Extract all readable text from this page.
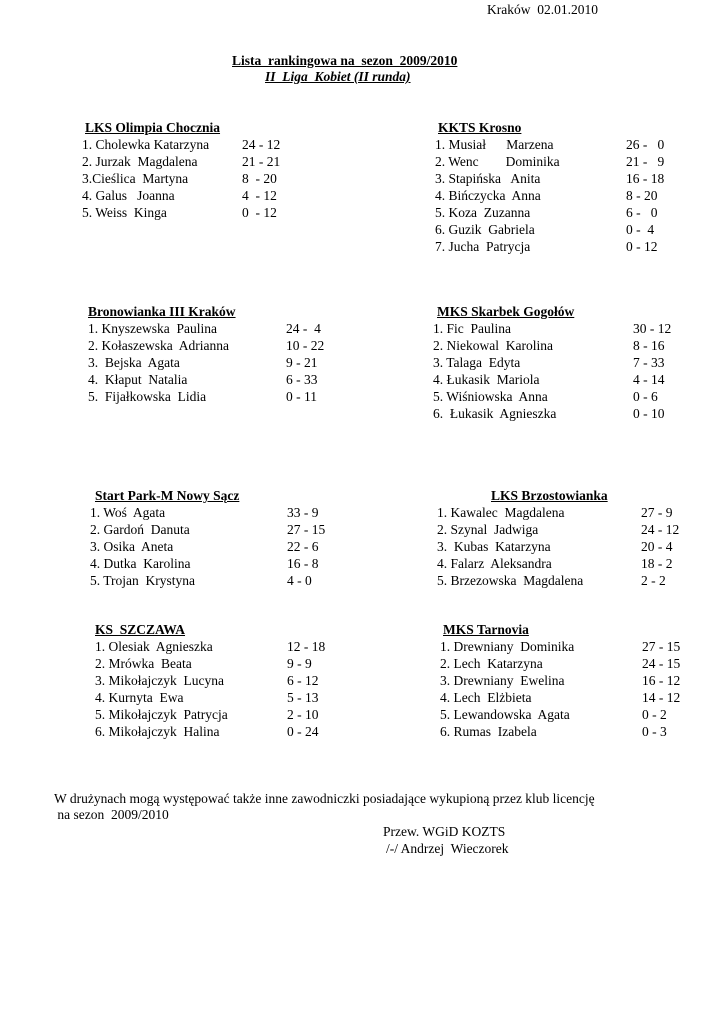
Kraków  02.01.2010
Lista  rankingowa na  sezon  2009/2010
II  Liga  Kobiet (II runda)
LKS Olimpia Chocznia
1. Cholewka Katarzyna 24 - 12
2. Jurzak  Magdalena	21 - 21
3.Cieślica  Martyna	8  - 20
4. Galus   Joanna	4  - 12
5. Weiss  Kinga	0  - 12
KKTS Krosno
1. Musiał      Marzena	26 -   0
2. Wenc        Dominika	21 -   9
3. Stapińska   Anita	16 - 18
4. Bińczycka  Anna	8 - 20
5. Koza  Zuzanna	6 -   0
6. Guzik  Gabriela	0 -  4
7. Jucha  Patrycja	0 - 12
Bronowianka III Kraków
1. Knyszewska  Paulina	24 -  4
2. Kołaszewska  Adrianna	10 - 22
3.  Bejska  Agata	9 - 21
4.  Kłaput  Natalia	6 - 33
5.  Fijałkowska  Lidia	0 - 11
MKS Skarbek Gogołów
1. Fic  Paulina	30 - 12
2. Niekowal  Karolina	8 - 16
3. Talaga  Edyta	7 - 33
4. Łukasik  Mariola	4 - 14
5. Wiśniowska  Anna	0 - 6
6.  Łukasik  Agnieszka	0 - 10
Start Park-M Nowy Sącz
1. Woś  Agata	33 - 9
2. Gardoń  Danuta	27 - 15
3. Osika  Aneta	22 - 6
4. Dutka  Karolina	16 - 8
5. Trojan  Krystyna	4 - 0
LKS Brzostowianka
1. Kawalec  Magdalena	27 - 9
2. Szynal  Jadwiga	24 - 12
3.  Kubas  Katarzyna	20 - 4
4. Falarz  Aleksandra	18 - 2
5. Brzezowska  Magdalena	2 - 2
KS  SZCZAWA
1. Olesiak  Agnieszka	12 - 18
2. Mrówka  Beata	9 - 9
3. Mikołajczyk  Lucyna	6 - 12
4. Kurnyta  Ewa	5 - 13
5. Mikołajczyk  Patrycja	2 - 10
6. Mikołajczyk  Halina	0 - 24
MKS Tarnovia
1. Drewniany  Dominika	27 - 15
2. Lech  Katarzyna	24 - 15
3. Drewniany  Ewelina	16 - 12
4. Lech  Elżbieta	14 - 12
5. Lewandowska  Agata	0 - 2
6. Rumas  Izabela	0 - 3
W drużynach mogą występować także inne zawodniczki posiadające wykupioną przez klub licencję
na sezon  2009/2010
Przew. WGiD KOZTS
/-/ Andrzej  Wieczorek
